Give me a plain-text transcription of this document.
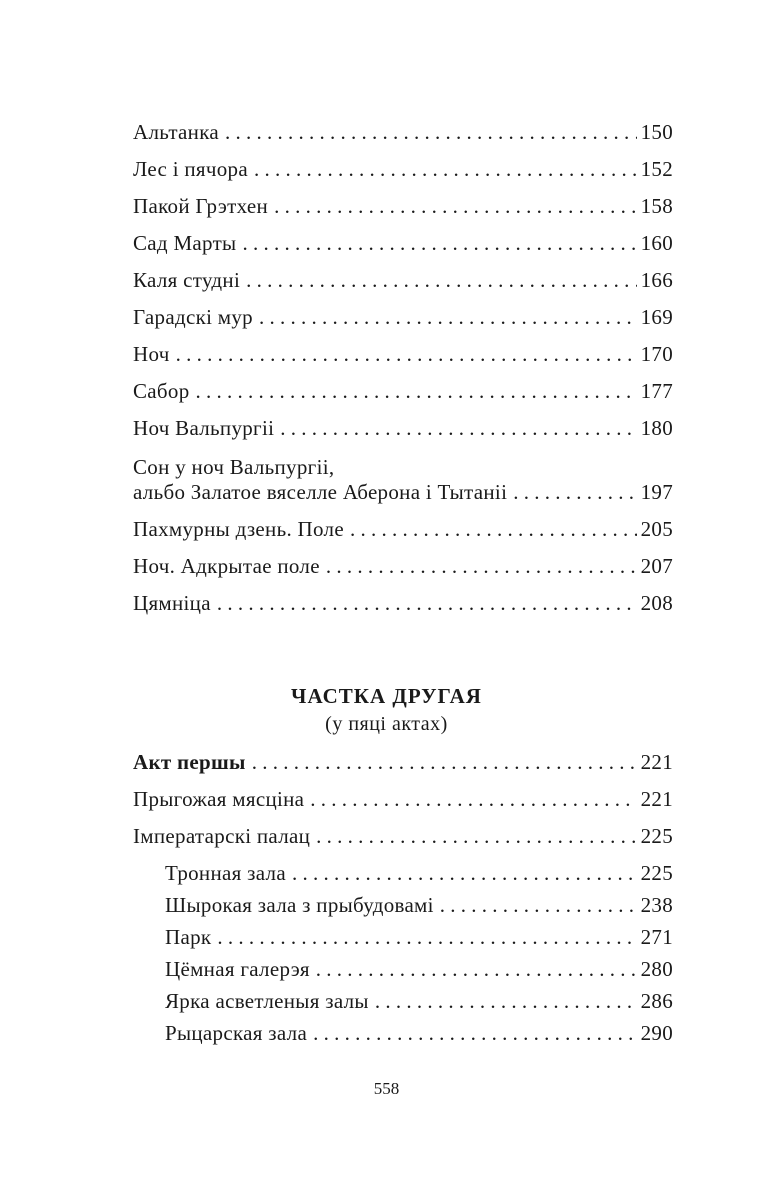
Альтанка . . .	150
Лес і пячора . . .	152
Пакой Грэтхен . . .	158
Сад Марты . . .	160
Каля студні . . .	166
Гарадскі мур . . .	169
Ноч . . .	170
Сабор . . .	177
Ноч Вальпургіі . . .	180
Сон у ноч Вальпургіі,
альбо Залатое вяселле Аберона і Тытаніі . . .	197
Пахмурны дзень. Поле . . .	205
Ноч. Адкрытае поле . . .	207
Цямніца . . .	208
ЧАСТКА ДРУГАЯ
(у пяці актах)
Акт першы . . .	221
Прыгожая мясціна . . .	221
Імператарскі палац . . .	225
Тронная зала . . .	225
Шырокая зала з прыбудовамі . . .	238
Парк . . .	271
Цёмная галерэя . . .	280
Ярка асветленыя залы . . .	286
Рыцарская зала . . .	290
558
